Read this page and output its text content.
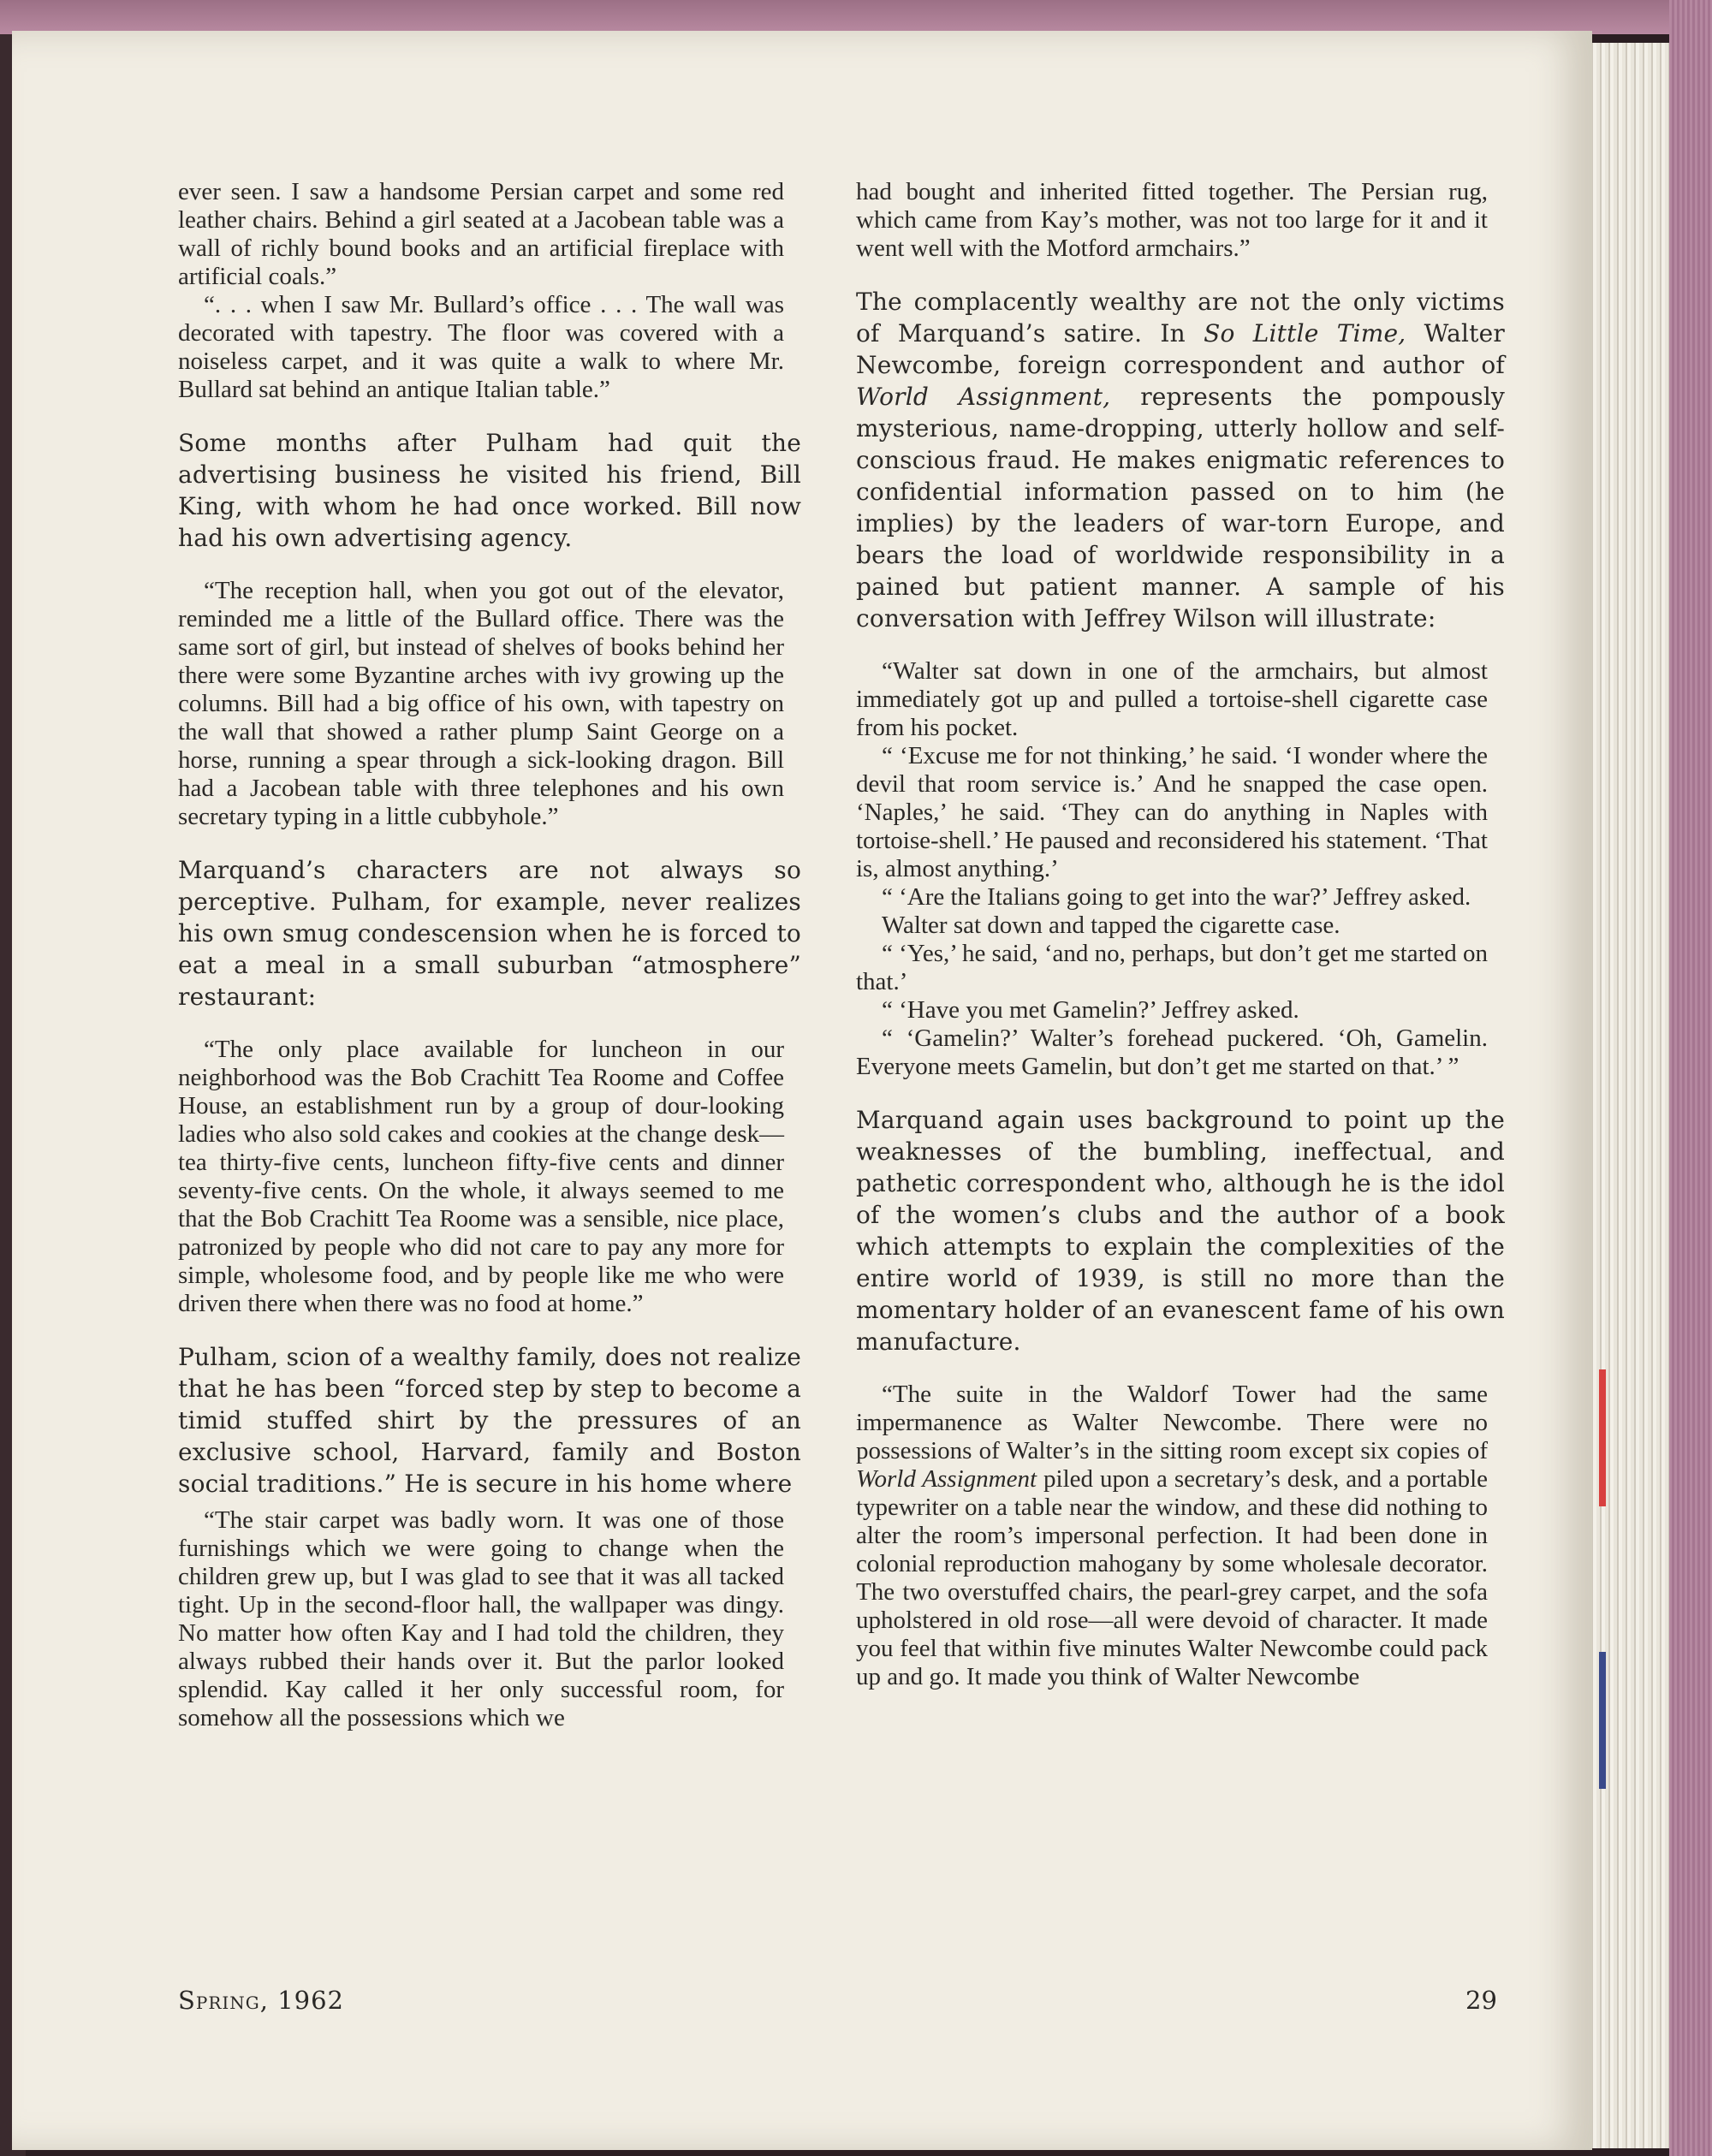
ever seen. I saw a handsome Persian carpet and some red leather chairs. Behind a girl seated at a Jacobean table was a wall of richly bound books and an artificial fireplace with artificial coals.”

“. . . when I saw Mr. Bullard’s office . . . The wall was decorated with tapestry. The floor was covered with a noiseless carpet, and it was quite a walk to where Mr. Bullard sat behind an antique Italian table.”

Some months after Pulham had quit the advertising business he visited his friend, Bill King, with whom he had once worked. Bill now had his own advertising agency.

“The reception hall, when you got out of the elevator, reminded me a little of the Bullard office. There was the same sort of girl, but instead of shelves of books behind her there were some Byzantine arches with ivy growing up the columns. Bill had a big office of his own, with tapestry on the wall that showed a rather plump Saint George on a horse, running a spear through a sick-looking dragon. Bill had a Jacobean table with three telephones and his own secretary typing in a little cubbyhole.”

Marquand’s characters are not always so perceptive. Pulham, for example, never realizes his own smug condescension when he is forced to eat a meal in a small suburban “atmosphere” restaurant:

“The only place available for luncheon in our neighborhood was the Bob Crachitt Tea Roome and Coffee House, an establishment run by a group of dour-looking ladies who also sold cakes and cookies at the change desk—tea thirty-five cents, luncheon fifty-five cents and dinner seventy-five cents. On the whole, it always seemed to me that the Bob Crachitt Tea Roome was a sensible, nice place, patronized by people who did not care to pay any more for simple, wholesome food, and by people like me who were driven there when there was no food at home.”

Pulham, scion of a wealthy family, does not realize that he has been “forced step by step to become a timid stuffed shirt by the pressures of an exclusive school, Harvard, family and Boston social traditions.” He is secure in his home where

“The stair carpet was badly worn. It was one of those furnishings which we were going to change when the children grew up, but I was glad to see that it was all tacked tight. Up in the second-floor hall, the wallpaper was dingy. No matter how often Kay and I had told the children, they always rubbed their hands over it. But the parlor looked splendid. Kay called it her only successful room, for somehow all the possessions which we

had bought and inherited fitted together. The Persian rug, which came from Kay’s mother, was not too large for it and it went well with the Motford armchairs.”

The complacently wealthy are not the only victims of Marquand’s satire. In So Little Time, Walter Newcombe, foreign correspondent and author of World Assignment, represents the pompously mysterious, name-dropping, utterly hollow and self-conscious fraud. He makes enigmatic references to confidential information passed on to him (he implies) by the leaders of war-torn Europe, and bears the load of worldwide responsibility in a pained but patient manner. A sample of his conversation with Jeffrey Wilson will illustrate:

“Walter sat down in one of the armchairs, but almost immediately got up and pulled a tortoise-shell cigarette case from his pocket.

“ ‘Excuse me for not thinking,’ he said. ‘I wonder where the devil that room service is.’ And he snapped the case open. ‘Naples,’ he said. ‘They can do anything in Naples with tortoise-shell.’ He paused and reconsidered his statement. ‘That is, almost anything.’

“ ‘Are the Italians going to get into the war?’ Jeffrey asked.

Walter sat down and tapped the cigarette case.

“ ‘Yes,’ he said, ‘and no, perhaps, but don’t get me started on that.’

“ ‘Have you met Gamelin?’ Jeffrey asked.

“ ‘Gamelin?’ Walter’s forehead puckered. ‘Oh, Gamelin. Everyone meets Gamelin, but don’t get me started on that.’ ”

Marquand again uses background to point up the weaknesses of the bumbling, ineffectual, and pathetic correspondent who, although he is the idol of the women’s clubs and the author of a book which attempts to explain the complexities of the entire world of 1939, is still no more than the momentary holder of an evanescent fame of his own manufacture.

“The suite in the Waldorf Tower had the same impermanence as Walter Newcombe. There were no possessions of Walter’s in the sitting room except six copies of World Assignment piled upon a secretary’s desk, and a portable typewriter on a table near the window, and these did nothing to alter the room’s impersonal perfection. It had been done in colonial reproduction mahogany by some wholesale decorator. The two overstuffed chairs, the pearl-grey carpet, and the sofa upholstered in old rose—all were devoid of character. It made you feel that within five minutes Walter Newcombe could pack up and go. It made you think of Walter Newcombe

Spring, 1962	29
